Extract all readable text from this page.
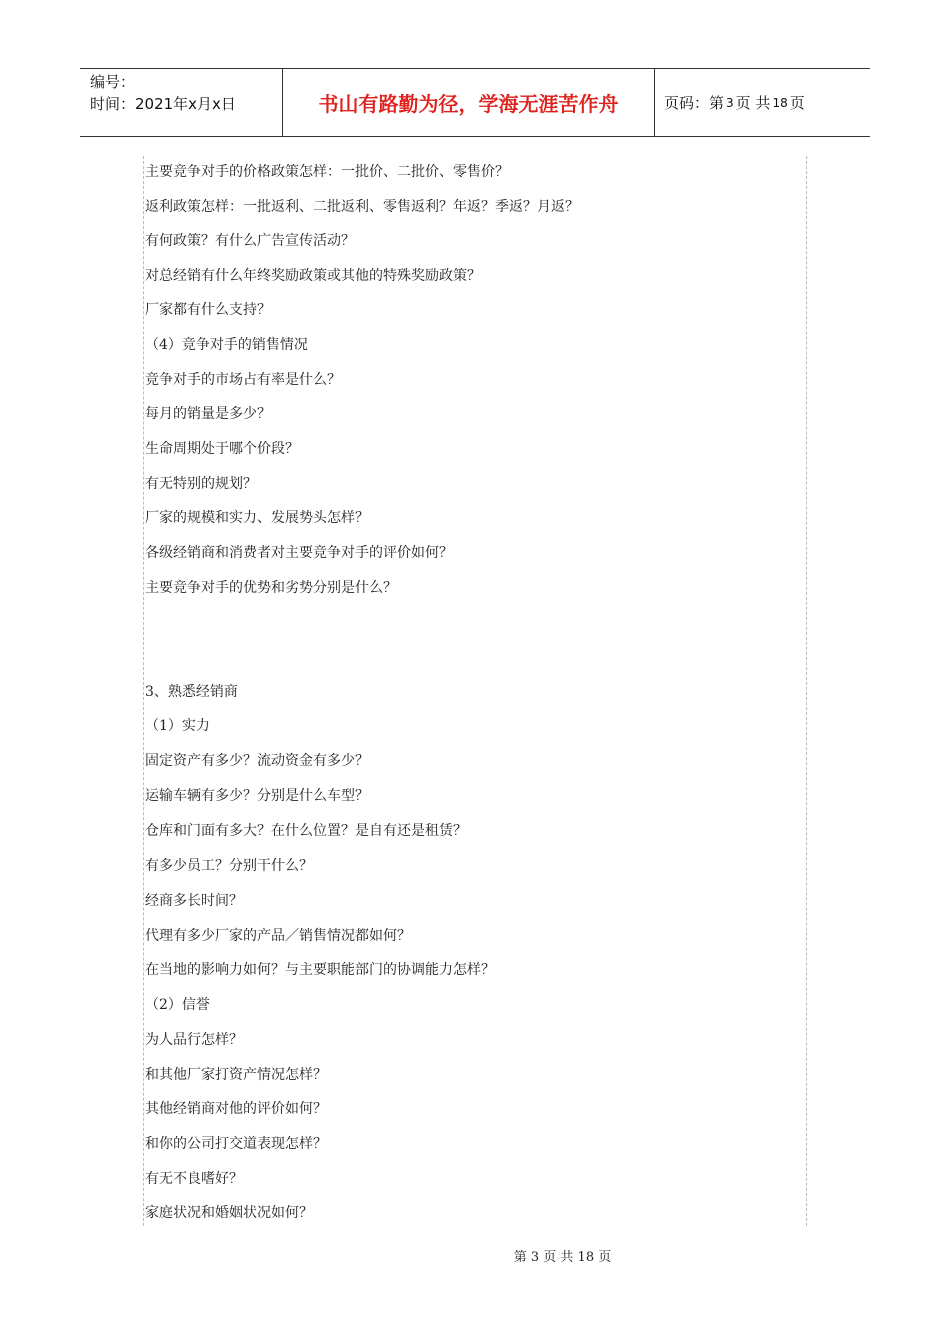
编号：
时间：2021年x月x日	书山有路勤为径，学海无涯苦作舟	页码：第 3 页 共 18 页
主要竞争对手的价格政策怎样：一批价、二批价、零售价？
返利政策怎样：一批返利、二批返利、零售返利？年返？季返？月返？
有何政策？有什么广告宣传活动？
对总经销有什么年终奖励政策或其他的特殊奖励政策？
厂家都有什么支持？
（4）竞争对手的销售情况
竞争对手的市场占有率是什么？
每月的销量是多少？
生命周期处于哪个价段？
有无特别的规划？
厂家的规模和实力、发展势头怎样？
各级经销商和消费者对主要竞争对手的评价如何？
主要竞争对手的优势和劣势分别是什么？
3、熟悉经销商
（1）实力
固定资产有多少？流动资金有多少？
运输车辆有多少？分别是什么车型？
仓库和门面有多大？在什么位置？是自有还是租赁？
有多少员工？分别干什么？
经商多长时间？
代理有多少厂家的产品／销售情况都如何？
在当地的影响力如何？与主要职能部门的协调能力怎样？
（2）信誉
为人品行怎样？
和其他厂家打资产情况怎样？
其他经销商对他的评价如何？
和你的公司打交道表现怎样？
有无不良嗜好？
家庭状况和婚姻状况如何？
第 3 页 共 18 页
